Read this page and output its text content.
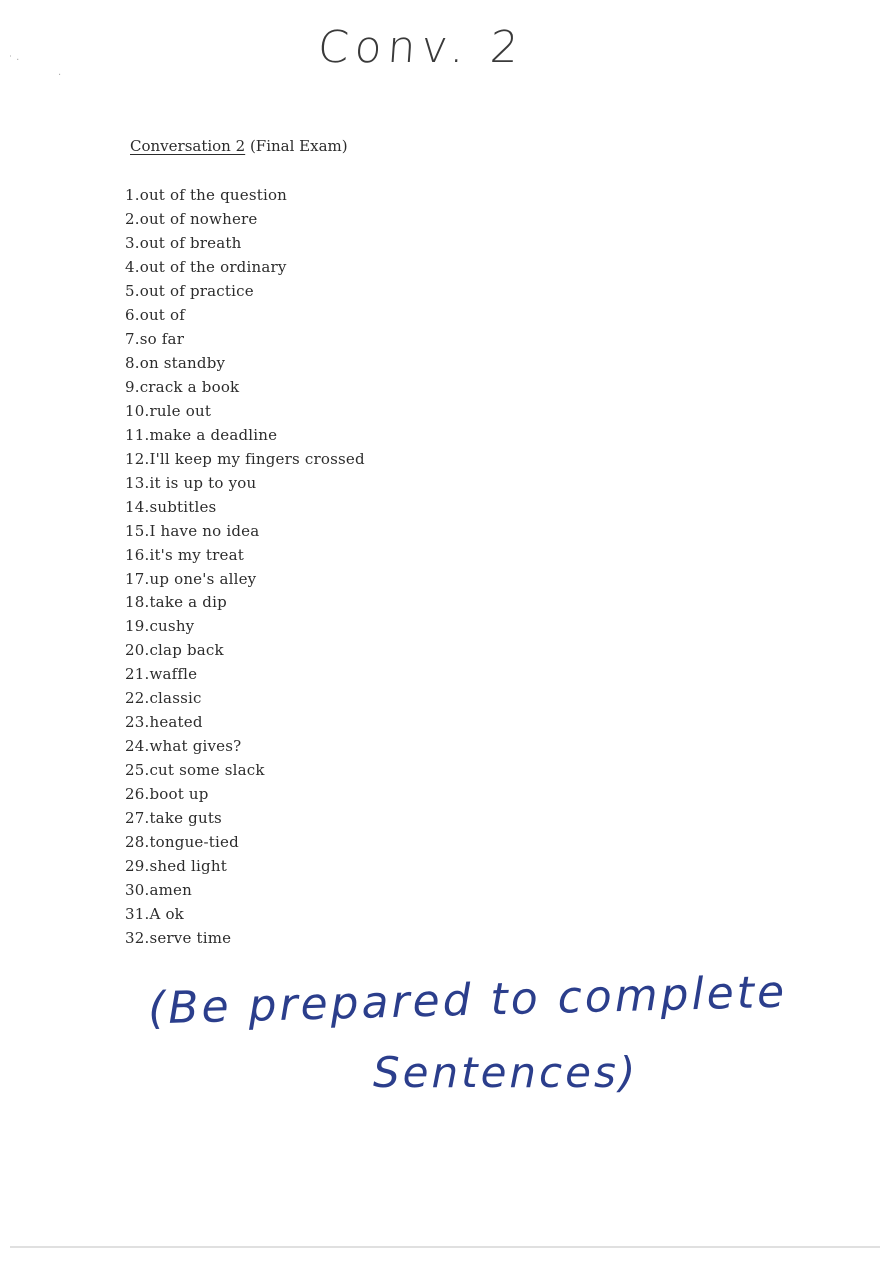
˙ ·
·
Conv. 2
Conversation 2 (Final Exam)
1.out of the question
2.out of nowhere
3.out of breath
4.out of the ordinary
5.out of practice
6.out of
7.so far
8.on standby
9.crack a book
10.rule out
11.make a deadline
12.I'll keep my fingers crossed
13.it is up to you
14.subtitles
15.I have no idea
16.it's my treat
17.up one's alley
18.take a dip
19.cushy
20.clap back
21.waffle
22.classic
23.heated
24.what gives?
25.cut some slack
26.boot up
27.take guts
28.tongue-tied
29.shed light
30.amen
31.A ok
32.serve time
(Be prepared to complete
Sentences)
